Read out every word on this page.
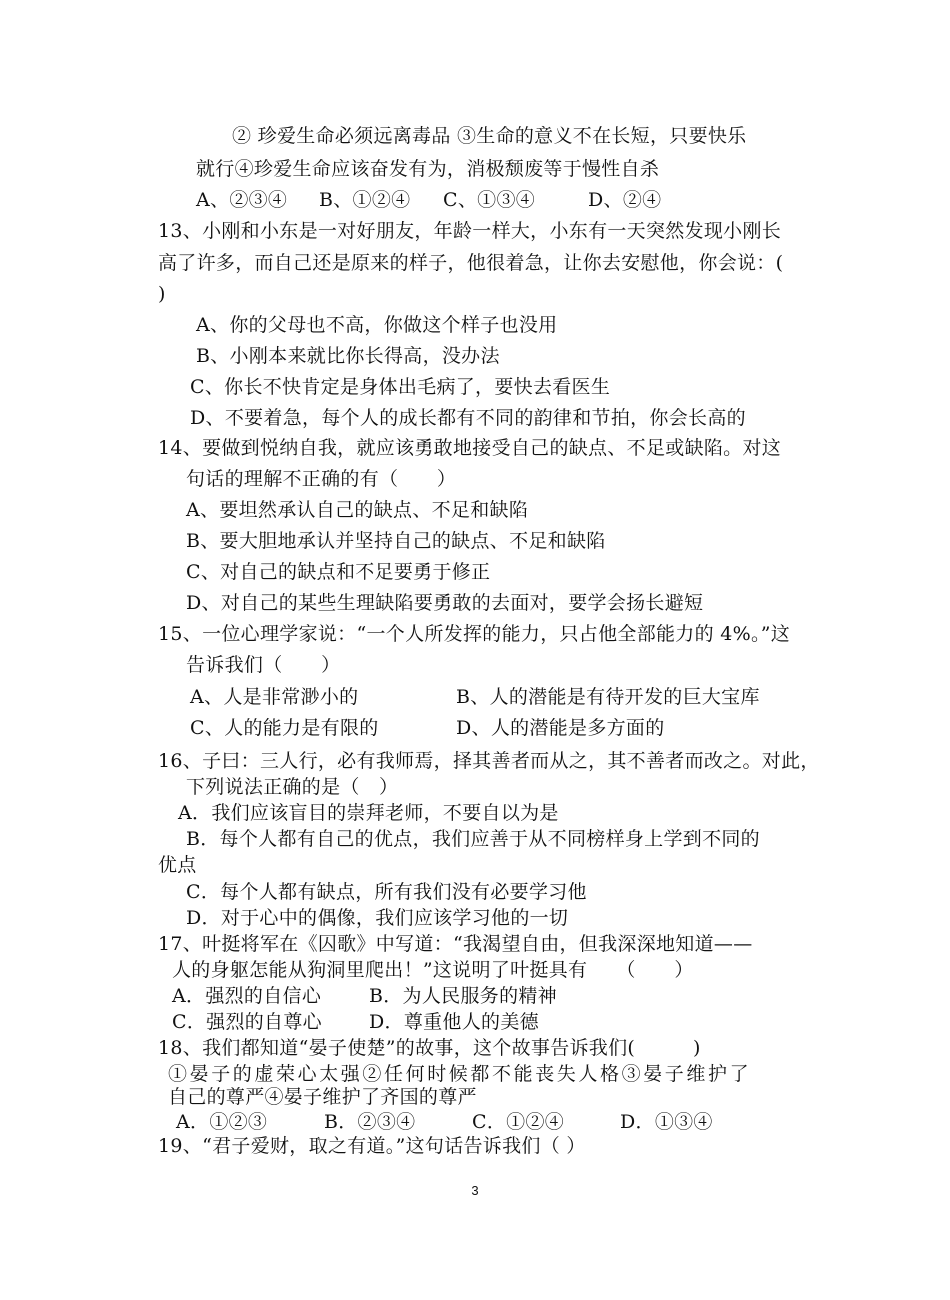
② 珍爱生命必须远离毒品 ③生命的意义不在长短，只要快乐
就行④珍爱生命应该奋发有为，消极颓废等于慢性自杀
A、②③④ B、①②④ C、①③④	D、②④
13、小刚和小东是一对好朋友，年龄一样大，小东有一天突然发现小刚长
高了许多，而自己还是原来的样子，他很着急，让你去安慰他，你会说：(
)
A、你的父母也不高，你做这个样子也没用
B、小刚本来就比你长得高，没办法
C、你长不快肯定是身体出毛病了，要快去看医生
D、不要着急，每个人的成长都有不同的韵律和节拍，你会长高的
14、要做到悦纳自我，就应该勇敢地接受自己的缺点、不足或缺陷。对这
句话的理解不正确的有（　　）
A、要坦然承认自己的缺点、不足和缺陷
B、要大胆地承认并坚持自己的缺点、不足和缺陷
C、对自己的缺点和不足要勇于修正
D、对自己的某些生理缺陷要勇敢的去面对，要学会扬长避短
15、一位心理学家说：“一个人所发挥的能力，只占他全部能力的 4%。”这
告诉我们（　　）
A、人是非常渺小的	B、人的潜能是有待开发的巨大宝库
C、人的能力是有限的	D、人的潜能是多方面的
16、子曰：三人行，必有我师焉，择其善者而从之，其不善者而改之。对此，
下列说法正确的是（　）
A．我们应该盲目的崇拜老师，不要自以为是
B．每个人都有自己的优点，我们应善于从不同榜样身上学到不同的
优点
C．每个人都有缺点，所有我们没有必要学习他
D．对于心中的偶像，我们应该学习他的一切
17、叶挺将军在《囚歌》中写道：“我渴望自由，但我深深地知道——
人的身躯怎能从狗洞里爬出！”这说明了叶挺具有　　（　　）
A．强烈的自信心	B．为人民服务的精神
C．强烈的自尊心 D．尊重他人的美德
18、我们都知道“晏子使楚”的故事，这个故事告诉我们(　　　)
①晏子的虚荣心太强②任何时候都不能丧失人格③晏子维护了
自己的尊严④晏子维护了齐国的尊严
A．①②③	B．②③④	C．①②④	D．①③④
19、“君子爱财，取之有道。”这句话告诉我们（ ）
3
